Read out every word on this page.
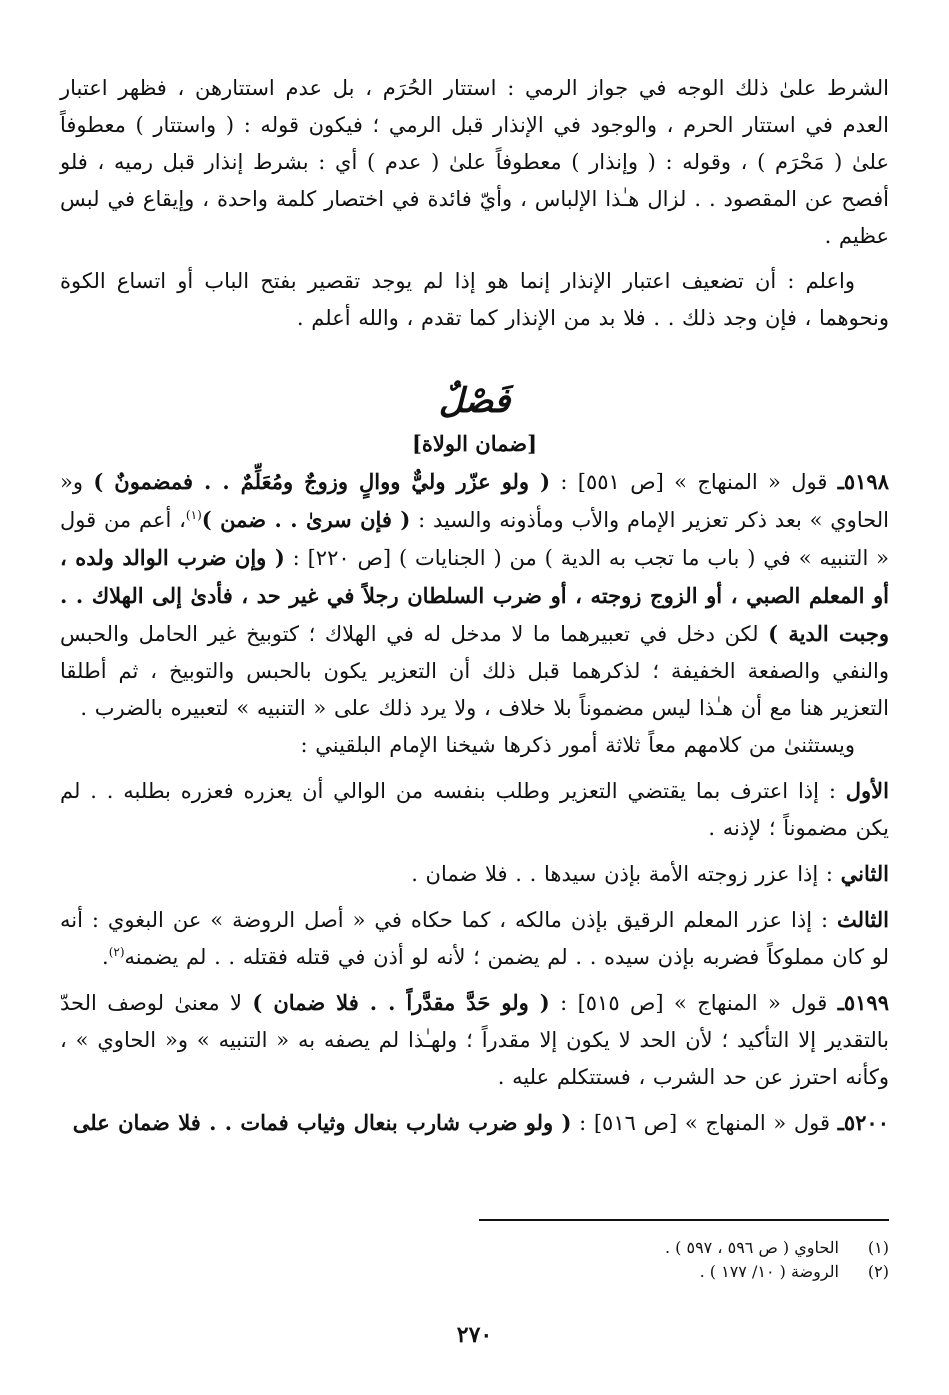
الشرط علىٰ ذلك الوجه في جواز الرمي : استتار الحُرَم ، بل عدم استتارهن ، فظهر اعتبار العدم في استتار الحرم ، والوجود في الإنذار قبل الرمي ؛ فيكون قوله : ( واستتار ) معطوفاً علىٰ ( مَحْرَم ) ، وقوله : ( وإنذار ) معطوفاً علىٰ ( عدم ) أي : بشرط إنذار قبل رميه ، فلو أفصح عن المقصود . . لزال هـٰذا الإلباس ، وأيّ فائدة في اختصار كلمة واحدة ، وإيقاع في لبس عظيم .

واعلم : أن تضعيف اعتبار الإنذار إنما هو إذا لم يوجد تقصير بفتح الباب أو اتساع الكوة ونحوهما ، فإن وجد ذلك . . فلا بد من الإنذار كما تقدم ، والله أعلم .

فَصْلٌ
[ضمان الولاة]

٥١٩٨ـ قول « المنهاج » [ص ٥٥١] : ( ولو عزّر وليٌّ ووالٍ وزوجٌ ومُعَلِّمٌ . . فمضمونٌ ) و« الحاوي » بعد ذكر تعزير الإمام والأب ومأذونه والسيد : ( فإن سرىٰ . . ضمن )$^{(١)}$، أعم من قول « التنبيه » في ( باب ما تجب به الدية ) من ( الجنايات ) [ص ٢٢٠] : ( وإن ضرب الوالد ولده ، أو المعلم الصبي ، أو الزوج زوجته ، أو ضرب السلطان رجلاً في غير حد ، فأدىٰ إلى الهلاك . . وجبت الدية ) لكن دخل في تعبيرهما ما لا مدخل له في الهلاك ؛ كتوبيخ غير الحامل والحبس والنفي والصفعة الخفيفة ؛ لذكرهما قبل ذلك أن التعزير يكون بالحبس والتوبيخ ، ثم أطلقا التعزير هنا مع أن هـٰذا ليس مضموناً بلا خلاف ، ولا يرد ذلك على « التنبيه » لتعبيره بالضرب .

ويستثنىٰ من كلامهم معاً ثلاثة أمور ذكرها شيخنا الإمام البلقيني :

الأول : إذا اعترف بما يقتضي التعزير وطلب بنفسه من الوالي أن يعزره فعزره بطلبه . . لم يكن مضموناً ؛ لإذنه .

الثاني : إذا عزر زوجته الأمة بإذن سيدها . . فلا ضمان .

الثالث : إذا عزر المعلم الرقيق بإذن مالكه ، كما حكاه في « أصل الروضة » عن البغوي : أنه لو كان مملوكاً فضربه بإذن سيده . . لم يضمن ؛ لأنه لو أذن في قتله فقتله . . لم يضمنه$^{(٢)}$.

٥١٩٩ـ قول « المنهاج » [ص ٥١٥] : ( ولو حَدَّ مقدَّراً . . فلا ضمان ) لا معنىٰ لوصف الحدّ بالتقدير إلا التأكيد ؛ لأن الحد لا يكون إلا مقدراً ؛ ولهـٰذا لم يصفه به « التنبيه » و« الحاوي » ، وكأنه احترز عن حد الشرب ، فستتكلم عليه .

٥٢٠٠ـ قول « المنهاج » [ص ٥١٦] : ( ولو ضرب شارب بنعال وثياب فمات . . فلا ضمان على

(١)
الحاوي ( ص ٥٩٦ ، ٥٩٧ ) .
(٢)
الروضة ( ١٠/ ١٧٧ ) .
٢٧٠
